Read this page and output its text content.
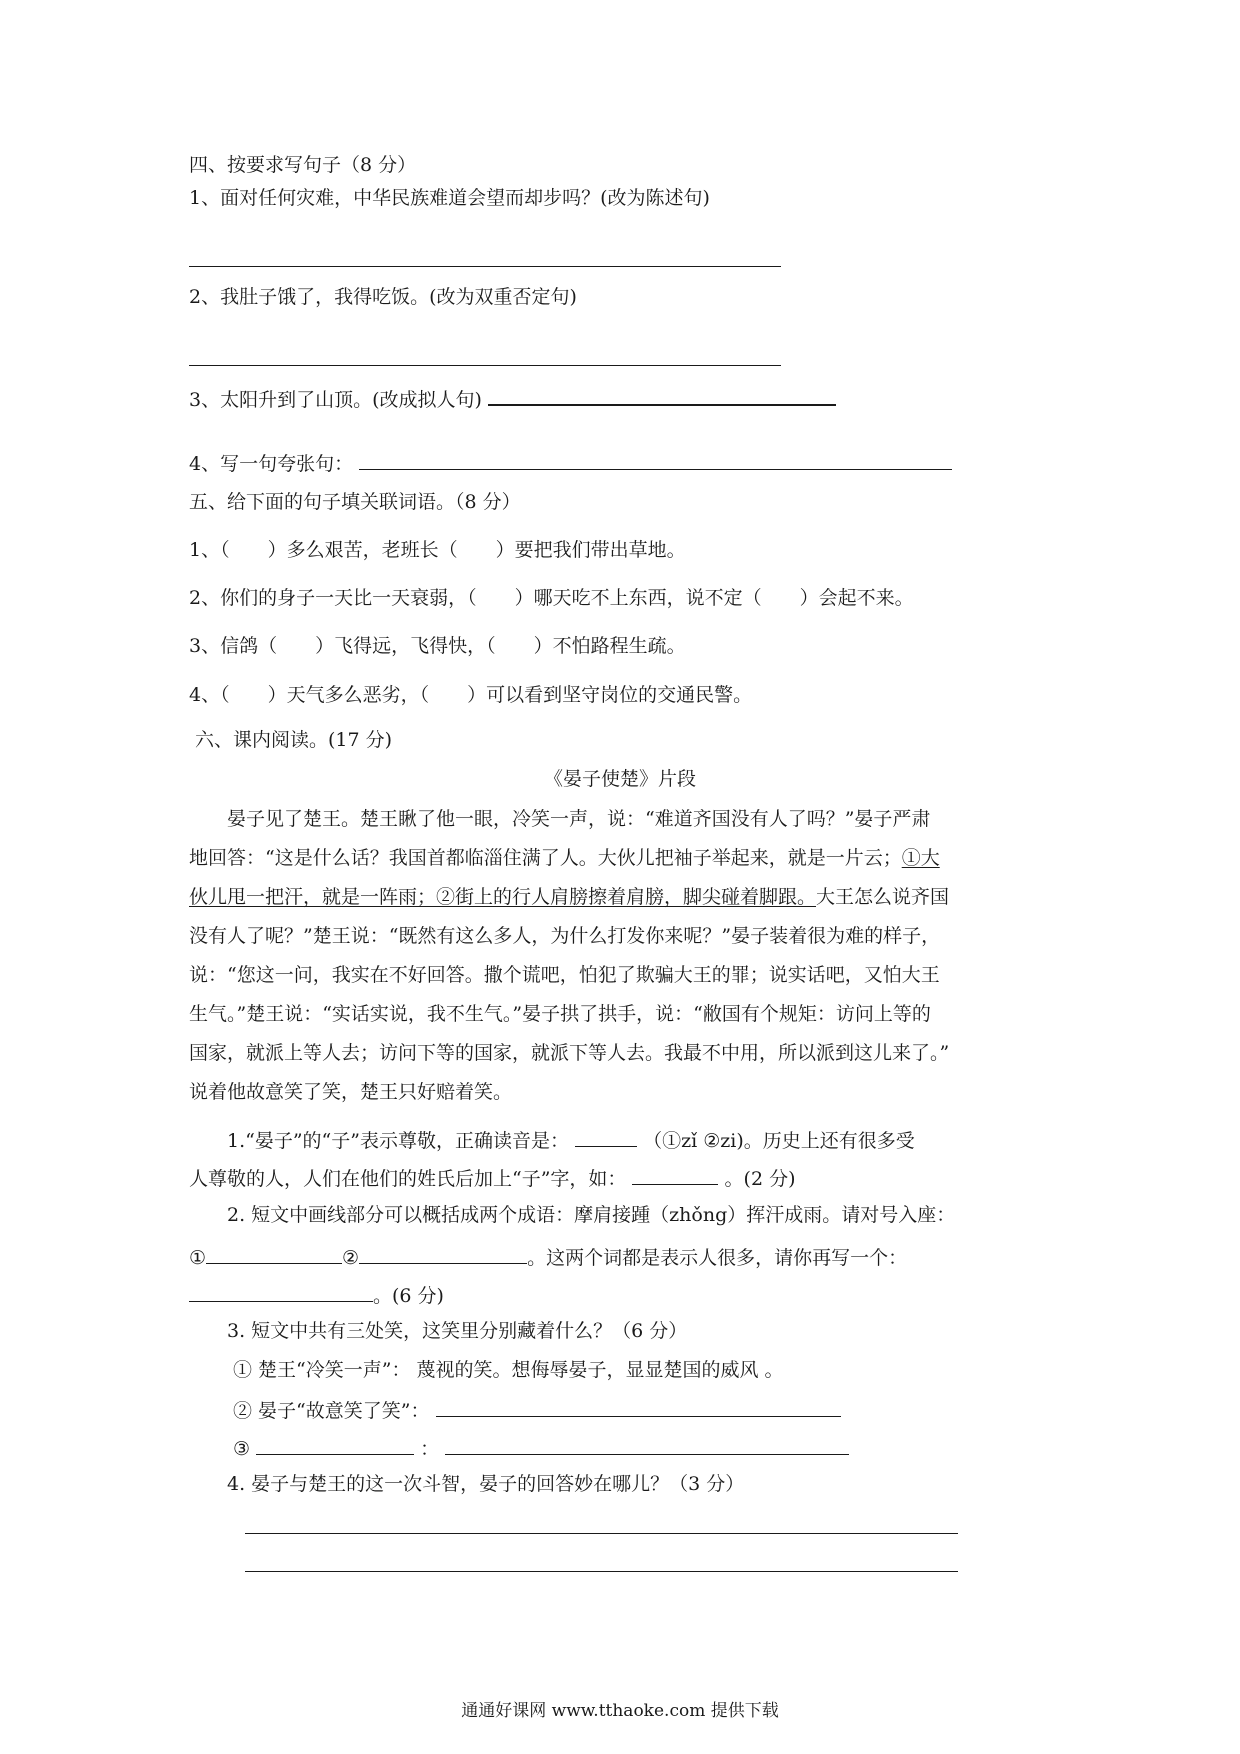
四、按要求写句子（8 分）
1、面对任何灾难，中华民族难道会望而却步吗？(改为陈述句)
2、我肚子饿了，我得吃饭。(改为双重否定句)
3、太阳升到了山顶。(改成拟人句)
4、写一句夸张句：
五、给下面的句子填关联词语。（8 分）
1、（　　）多么艰苦，老班长（　　）要把我们带出草地。
2、你们的身子一天比一天衰弱，（　　）哪天吃不上东西，说不定（　　）会起不来。
3、信鸽（　　）飞得远，飞得快，（　　）不怕路程生疏。
4、（　　）天气多么恶劣，（　　）可以看到坚守岗位的交通民警。
六、课内阅读。(17 分)
《晏子使楚》片段
晏子见了楚王。楚王瞅了他一眼，冷笑一声，说：“难道齐国没有人了吗？”晏子严肃
地回答：“这是什么话？我国首都临淄住满了人。大伙儿把袖子举起来，就是一片云；①大
伙儿甩一把汗，就是一阵雨；②街上的行人肩膀擦着肩膀，脚尖碰着脚跟。大王怎么说齐国
没有人了呢？”楚王说：“既然有这么多人，为什么打发你来呢？”晏子装着很为难的样子，
说：“您这一问，我实在不好回答。撒个谎吧，怕犯了欺骗大王的罪；说实话吧，又怕大王
生气。”楚王说：“实话实说，我不生气。”晏子拱了拱手，说：“敝国有个规矩：访问上等的
国家，就派上等人去；访问下等的国家，就派下等人去。我最不中用，所以派到这儿来了。”
说着他故意笑了笑，楚王只好赔着笑。
1.“晏子”的“子”表示尊敬，正确读音是：	（①zǐ ②zi)。历史上还有很多受
人尊敬的人，人们在他们的姓氏后加上“子”字，如：	。(2 分)
2. 短文中画线部分可以概括成两个成语：摩肩接踵（zhǒng）挥汗成雨。请对号入座：
①	②	。这两个词都是表示人很多，请你再写一个：
。(6 分)
3. 短文中共有三处笑，这笑里分别藏着什么？（6 分）
① 楚王“冷笑一声”： 蔑视的笑。想侮辱晏子，显显楚国的威风 。
② 晏子“故意笑了笑”：
③	：
4. 晏子与楚王的这一次斗智，晏子的回答妙在哪儿？（3 分）
通通好课网 www.tthaoke.com 提供下载
